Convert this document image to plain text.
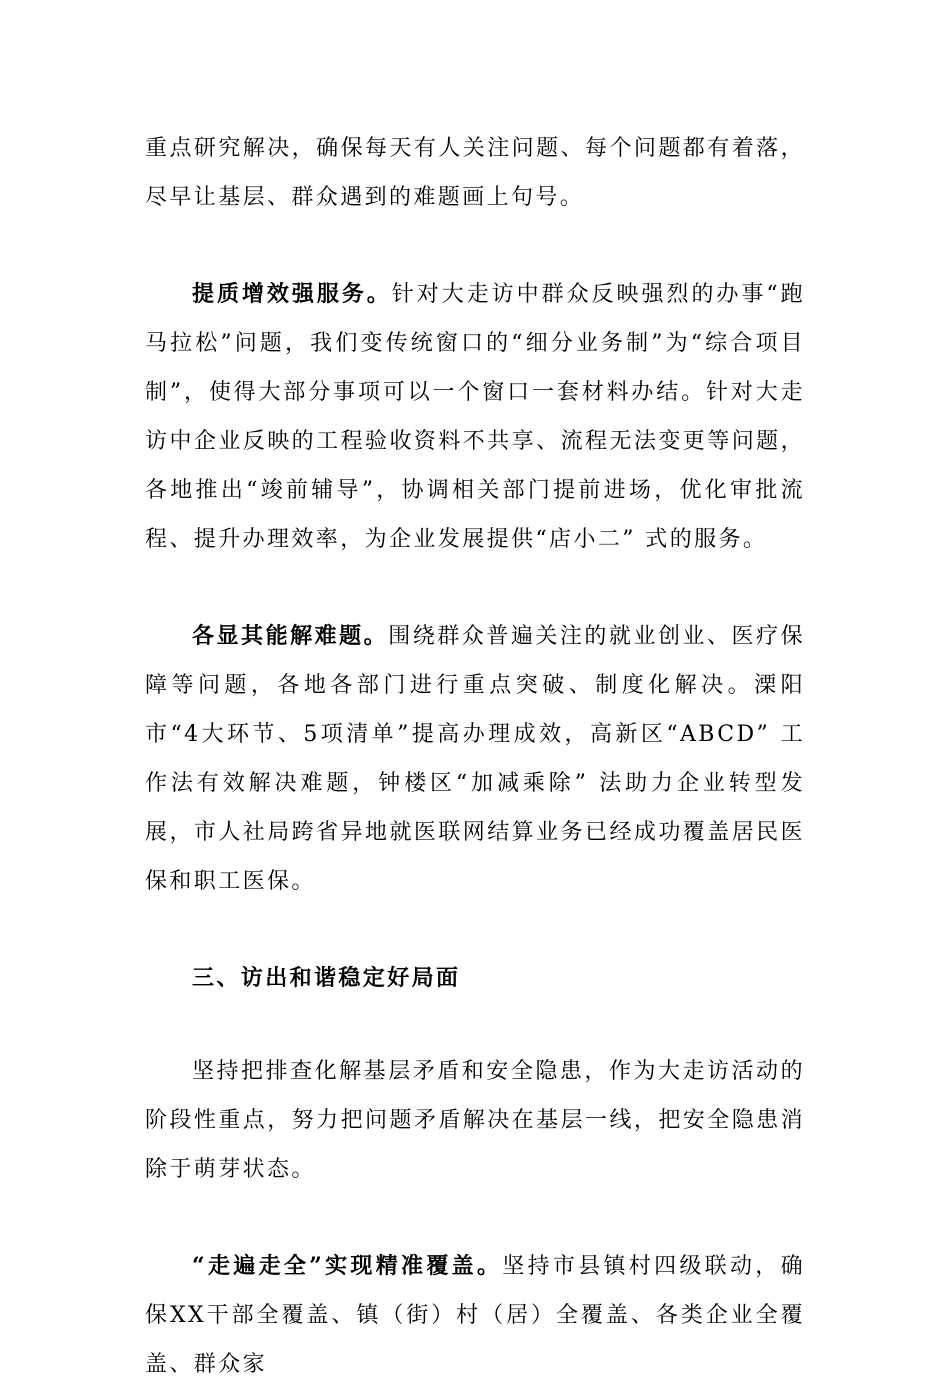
重点研究解决，确保每天有人关注问题、每个问题都有着落，尽早让基层、群众遇到的难题画上句号。

提质增效强服务。针对大走访中群众反映强烈的办事“跑马拉松”问题，我们变传统窗口的“细分业务制”为“综合项目制”，使得大部分事项可以一个窗口一套材料办结。针对大走访中企业反映的工程验收资料不共享、流程无法变更等问题，各地推出“竣前辅导”，协调相关部门提前进场，优化审批流程、提升办理效率，为企业发展提供“店小二” 式的服务。

各显其能解难题。围绕群众普遍关注的就业创业、医疗保障等问题，各地各部门进行重点突破、制度化解决。溧阳市“4大环节、5项清单”提高办理成效，高新区“ABCD” 工作法有效解决难题，钟楼区“加减乘除” 法助力企业转型发展，市人社局跨省异地就医联网结算业务已经成功覆盖居民医保和职工医保。

三、访出和谐稳定好局面

坚持把排查化解基层矛盾和安全隐患，作为大走访活动的阶段性重点，努力把问题矛盾解决在基层一线，把安全隐患消除于萌芽状态。

“走遍走全”实现精准覆盖。坚持市县镇村四级联动，确保XX干部全覆盖、镇（街）村（居）全覆盖、各类企业全覆盖、群众家
